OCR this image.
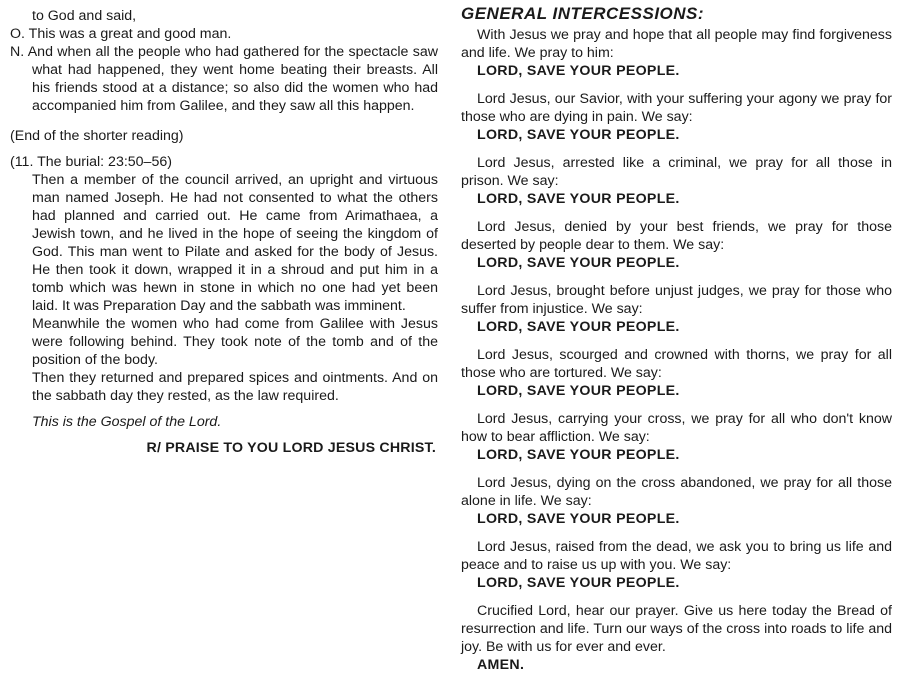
to God and said,
O. This was a great and good man.

N. And when all the people who had gathered for the spectacle saw what had happened, they went home beating their breasts. All his friends stood at a distance; so also did the women who had accompanied him from Galilee, and they saw all this happen.

(End of the shorter reading)
(11. The burial: 23:50–56)

Then a member of the council arrived, an upright and virtuous man named Joseph. He had not consented to what the others had planned and carried out. He came from Arimathaea, a Jewish town, and he lived in the hope of seeing the kingdom of God. This man went to Pilate and asked for the body of Jesus. He then took it down, wrapped it in a shroud and put him in a tomb which was hewn in stone in which no one had yet been laid. It was Preparation Day and the sabbath was imminent.

Meanwhile the women who had come from Galilee with Jesus were following behind. They took note of the tomb and of the position of the body.

Then they returned and prepared spices and ointments. And on the sabbath day they rested, as the law required.

This is the Gospel of the Lord.
R/ PRAISE TO YOU LORD JESUS CHRIST.
GENERAL INTERCESSIONS:

With Jesus we pray and hope that all people may find forgiveness and life. We pray to him:

LORD, SAVE YOUR PEOPLE.

Lord Jesus, our Savior, with your suffering your agony we pray for those who are dying in pain. We say:

LORD, SAVE YOUR PEOPLE.

Lord Jesus, arrested like a criminal, we pray for all those in prison. We say:

LORD, SAVE YOUR PEOPLE.

Lord Jesus, denied by your best friends, we pray for those deserted by people dear to them. We say:

LORD, SAVE YOUR PEOPLE.

Lord Jesus, brought before unjust judges, we pray for those who suffer from injustice. We say:

LORD, SAVE YOUR PEOPLE.

Lord Jesus, scourged and crowned with thorns, we pray for all those who are tortured. We say:

LORD, SAVE YOUR PEOPLE.

Lord Jesus, carrying your cross, we pray for all who don't know how to bear affliction. We say:

LORD, SAVE YOUR PEOPLE.

Lord Jesus, dying on the cross abandoned, we pray for all those alone in life. We say:

LORD, SAVE YOUR PEOPLE.

Lord Jesus, raised from the dead, we ask you to bring us life and peace and to raise us up with you. We say:

LORD, SAVE YOUR PEOPLE.

Crucified Lord, hear our prayer. Give us here today the Bread of resurrection and life. Turn our ways of the cross into roads to life and joy. Be with us for ever and ever.

AMEN.
